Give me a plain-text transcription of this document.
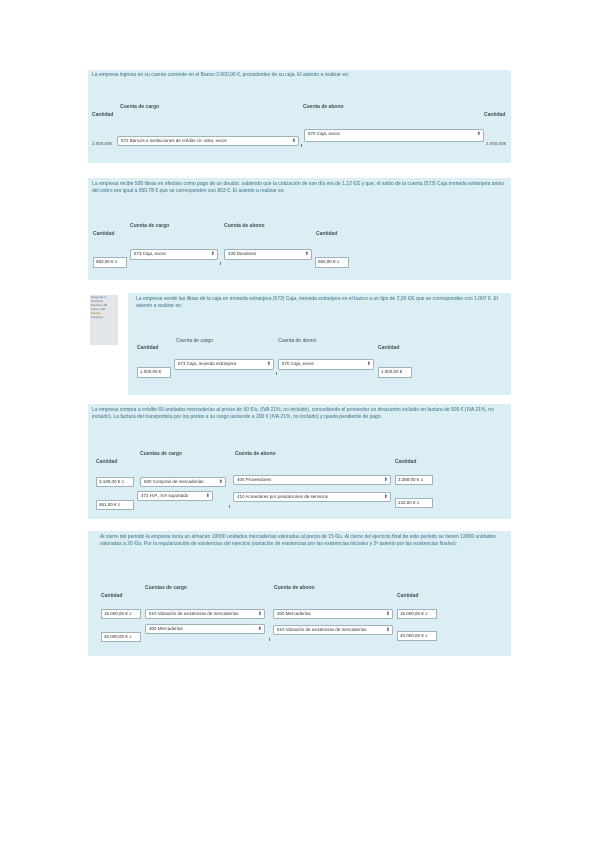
La empresa ingresa en su cuenta corriente en el Banco 2.000,00 €, procedentes de su caja. El asiento a realizar es:
Cuenta de cargo	Cuenta de abono
Cantidad	Cantidad
2.000,00€
572 Bancos e instituciones de crédito c/c vista, euros	⬍
570 Caja, euros	⬍
2.000,00€
La empresa recibe 500 libras en efectivo como pago de un deudor, sabiendo que la cotización de ese día era de 1,12 €/£ y que, el saldo de la cuenta (573) Caja moneda extranjera antes del cobro era igual a 950,78 € que se corresponden con 803 €. El asiento a realizar es:
Cuenta de cargo	Cuenta de abono
Cantidad	Cantidad
560,00 € ≡
573 Caja, euros	⬍	430 Deudores	⬍
560,00 € ≡
Pregunta 3
Correcta
Puntúa 1,00
sobre 1,00
Marcar
pregunta
La empresa vende las libras de la caja en moneda extranjera (573) Caja, moneda extranjera en el banco a un tipo de 2,00 €/£ que se corresponden con 1.007 €. El asiento a realizar es:
Cuenta de cargo	Cuenta de abono
Cantidad	Cantidad
1.000,00 €
573 Caja, moneda extranjera	⬍	570 Caja, euros	⬍
1.000,00 €
La empresa compra a crédito 65 unidades mercaderías al precio de 50 €/u. (IVA 21%, no incluido), concediendo el proveedor un descuento incluido en factura de 500 € (IVA 21%, no incluido). La factura del transportista por los portes a su cargo asciende a 200 € (IVA 21%, no incluido) y queda pendiente de pago.
Cuentas de cargo	Cuenta de abono
Cantidad	Cantidad
3.100,00 € ≡	600 Compras de mercaderías	⬍	400 Proveedores	⬍	3.388,00 € ≡
651,00 € ≡
472 H.P., IVA soportado	⬍	410 Acreedores por prestaciones de servicios	⬍
242,00 € ≡
Al cierre del periodo la empresa tenía un almacén 10000 unidades mercaderías valoradas al precio de 15 €/u. Al cierre del ejercicio final de este periodo se tienen 12000 unidades valoradas a 20 €/u. Por la regularización de existencias del ejercicio (variación de existencias por las existencias iniciales y 2ª asiento por las existencias finales):
Cuentas de cargo	Cuenta de abono
Cantidad	Cantidad
15.000,00 € ≡	610 Variación de existencias de mercaderías	⬍	300 Mercaderías	⬍	15.000,00 € ≡
40.000,00 € ≡
300 Mercaderías	⬍	610 Variación de existencias de mercaderías	⬍
40.000,00 € ≡
